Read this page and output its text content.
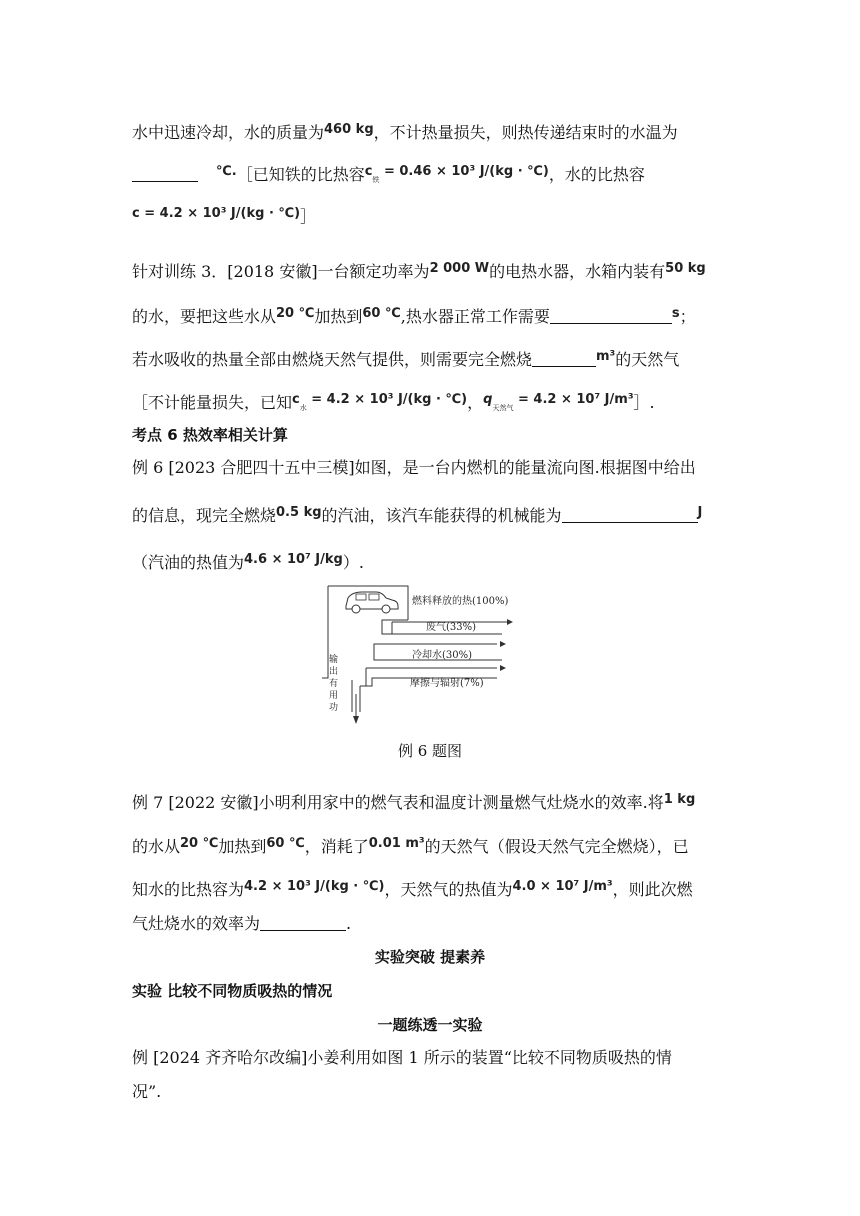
水中迅速冷却，水的质量为$^{460 kg}$，不计热量损失，则热传递结束时的水温为
℃.［已知铁的比热容$^c_铁$ $^{= 0.46 \times 10^3 J/(kg \cdot ℃)}$，水的比热容
$^{c = 4.2 \times 10^3 J/(kg \cdot ℃)}$］
针对训练 3．[2018 安徽]一台额定功率为$^{2 000 W}$的电热水器，水箱内装有$^{50 kg}$
的水，要把这些水从$^{20 ℃}$加热到$^{60 ℃}$,热水器正常工作需要	$^s$；
若水吸收的热量全部由燃烧天然气提供，则需要完全燃烧	$^{m^3}$的天然气
［不计能量损失，已知$^c_水$ $^{= 4.2 \times 10^3 J/(kg \cdot ℃)}$，$^q_{天然气}$ $^{= 4.2 \times 10^7 J/m^3}$］.
考点 6 热效率相关计算
例 6 [2023 合肥四十五中三模]如图，是一台内燃机的能量流向图.根据图中给出
的信息，现完全燃烧$^{0.5 kg}$的汽油，该汽车能获得的机械能为	$^J$
（汽油的热值为$^{4.6 \times 10^7 J/kg}$）.
燃料释放的热(100%)
废气(33%)
冷却水(30%)
摩擦与辐射(7%)
输
出
有
用
功
例 6 题图
例 7 [2022 安徽]小明利用家中的燃气表和温度计测量燃气灶烧水的效率.将$^{1 kg}$
的水从$^{20 ℃}$加热到$^{60 ℃}$，消耗了$^{0.01 m^3}$的天然气（假设天然气完全燃烧），已
知水的比热容为$^{4.2 \times 10^3 J/(kg \cdot ℃)}$，天然气的热值为$^{4.0 \times 10^7 J/m^3}$，则此次燃
气灶烧水的效率为	.
实验突破 提素养
实验 比较不同物质吸热的情况
一题练透一实验
例 [2024 齐齐哈尔改编]小姜利用如图 1 所示的装置“比较不同物质吸热的情
况”.
